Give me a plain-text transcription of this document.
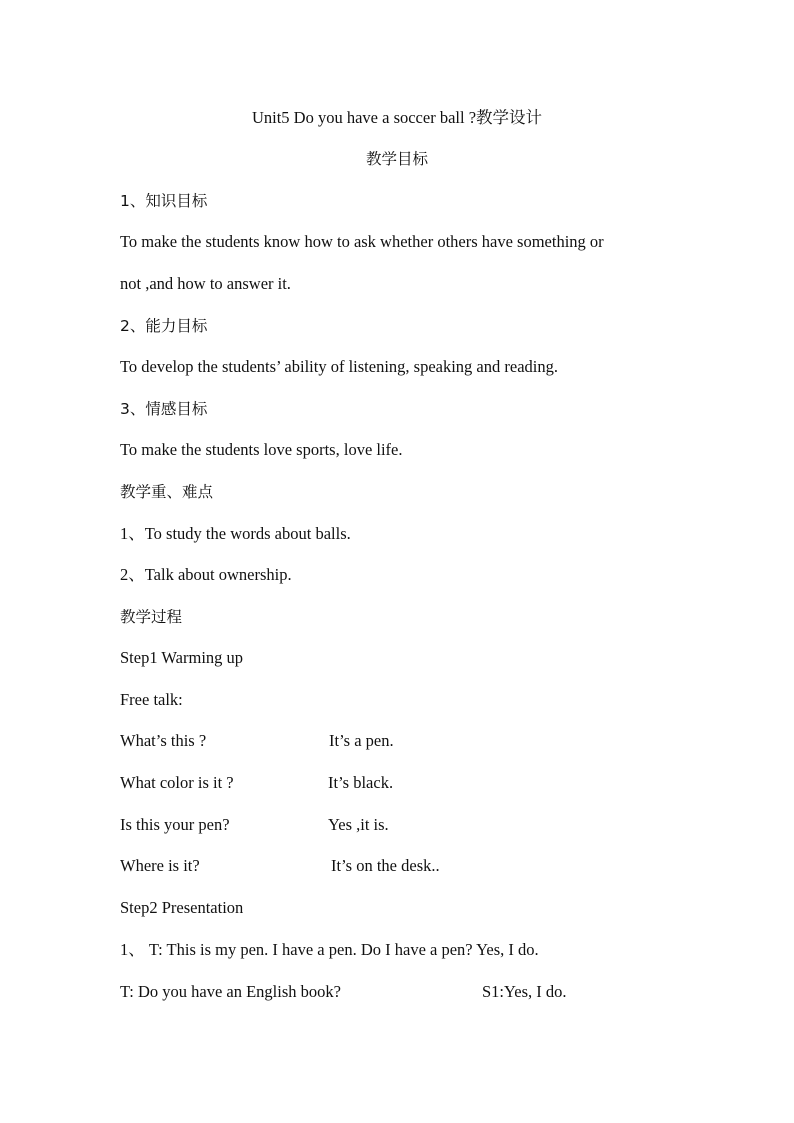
Unit5 Do you have a soccer ball ?教学设计
教学目标
1、知识目标
To make the students know how to ask whether others have something or
not ,and how to answer it.
2、能力目标
To develop the students’ ability of listening, speaking and reading.
3、情感目标
To make the students love sports, love life.
教学重、难点
1、To study the words about balls.
2、Talk about ownership.
教学过程
Step1 Warming up
Free talk:
What’s this ?	It’s a pen.
What color is it ?	It’s black.
Is this your pen?	Yes ,it is.
Where is it?	It’s on the desk..
Step2 Presentation
1、 T: This is my pen. I have a pen. Do I have a pen? Yes, I do.
T: Do you have an English book?	S1:Yes, I do.
